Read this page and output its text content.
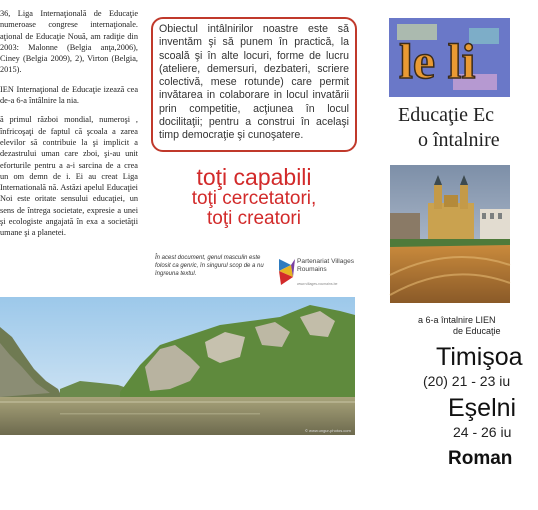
36, Liga Internaţională de Educaţie numeroase congrese internaţionale. aţional de Educaţie Nouă, am radiţie din 2003: Malonne (Belgia anţa,2006), Ciney (Belgia 2009), 2), Virton (Belgia, 2015).

IEN Internaţional de Educaţie izează cea de-a 6-a întâlnire la nia.

ă primul război mondial, numeroşi , înfricoşaţi de faptul că şcoala a zarea elevilor să contribuie la şi implicit a dezastrului uman care zboi, şi-au unit eforturile pentru a a-i sarcina de a crea un om demn de i. Ei au creat Liga Internatională nă. Astăzi apelul Educaţiei Noi este oritate sensului educaţiei, un sens de întrega societate, expresie a unei şi ecologiste angajată în exa a societăţii umane şi a planetei.

Obiectul intâlnirilor noastre este să inventăm şi să punem în practică, la scoală şi în alte locuri, forme de lucru (ateliere, demersuri, dezbateri, scriere colectivă, mese rotunde) care permit invătarea in colaborare in locul invatării prin competitie, acţiunea în locul docilitaţii; pentru a construi în acelaşi timp democraţie şi cunoşatere.
toţi capabili
toţi cercetatori,
toţi creatori
În acest document, genul masculin este folosit ca genric, în singurul scop de a nu îngreuna textul.
Partenariat Villages Roumains
www.villages-roumains.be
© www.ungur-photos.com
le li
Educaţie Ec
o întalnire
a 6-a întalnire LIEN
de Educaţie
Timişoa
(20) 21 - 23 iu
Eşelni
24 - 26 iu
Roman
